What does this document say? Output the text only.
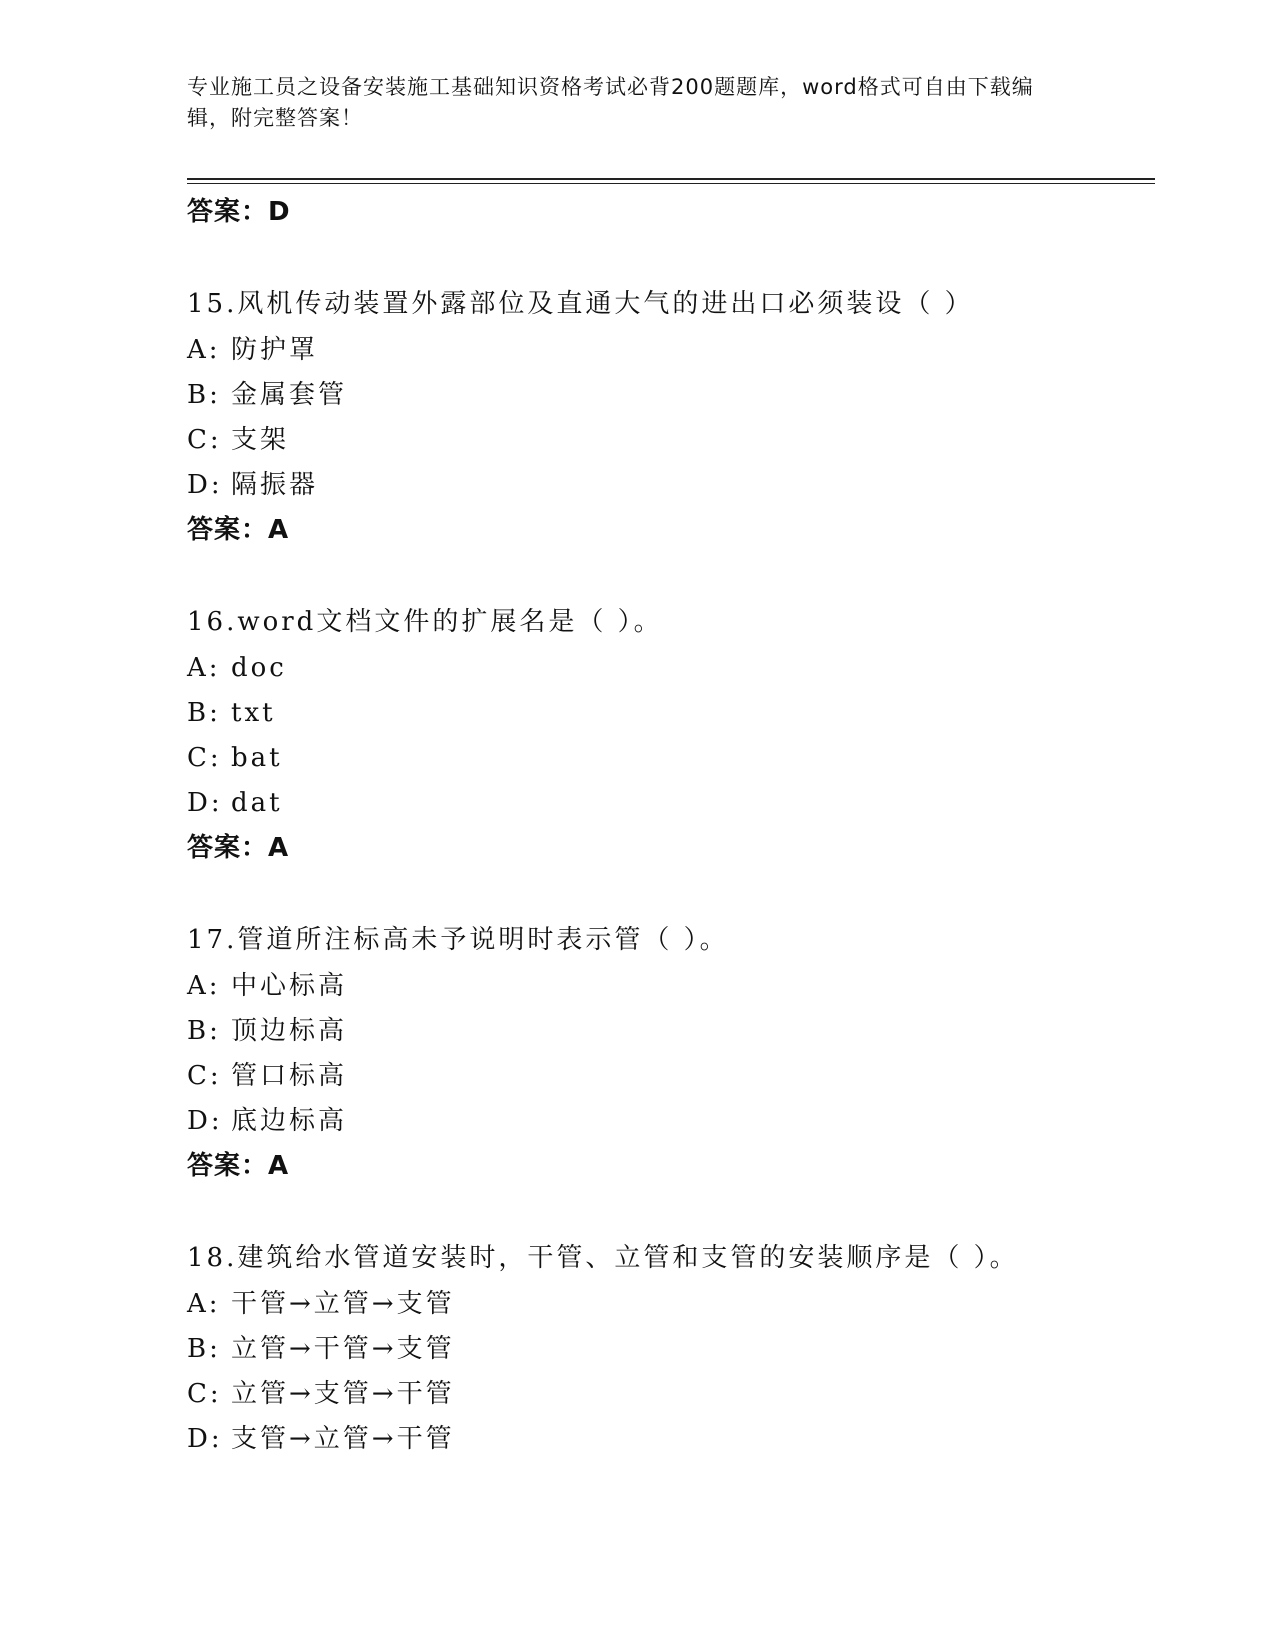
专业施工员之设备安装施工基础知识资格考试必背200题题库，word格式可自由下载编辑，附完整答案！
答案：D
15.风机传动装置外露部位及直通大气的进出口必须装设（ ）
A: 防护罩
B: 金属套管
C: 支架
D: 隔振器
答案：A
16.word文档文件的扩展名是（ ）。
A: doc
B: txt
C: bat
D: dat
答案：A
17.管道所注标高未予说明时表示管（ ）。
A: 中心标高
B: 顶边标高
C: 管口标高
D: 底边标高
答案：A
18.建筑给水管道安装时，干管、立管和支管的安装顺序是（ ）。
A: 干管→立管→支管
B: 立管→干管→支管
C: 立管→支管→干管
D: 支管→立管→干管
